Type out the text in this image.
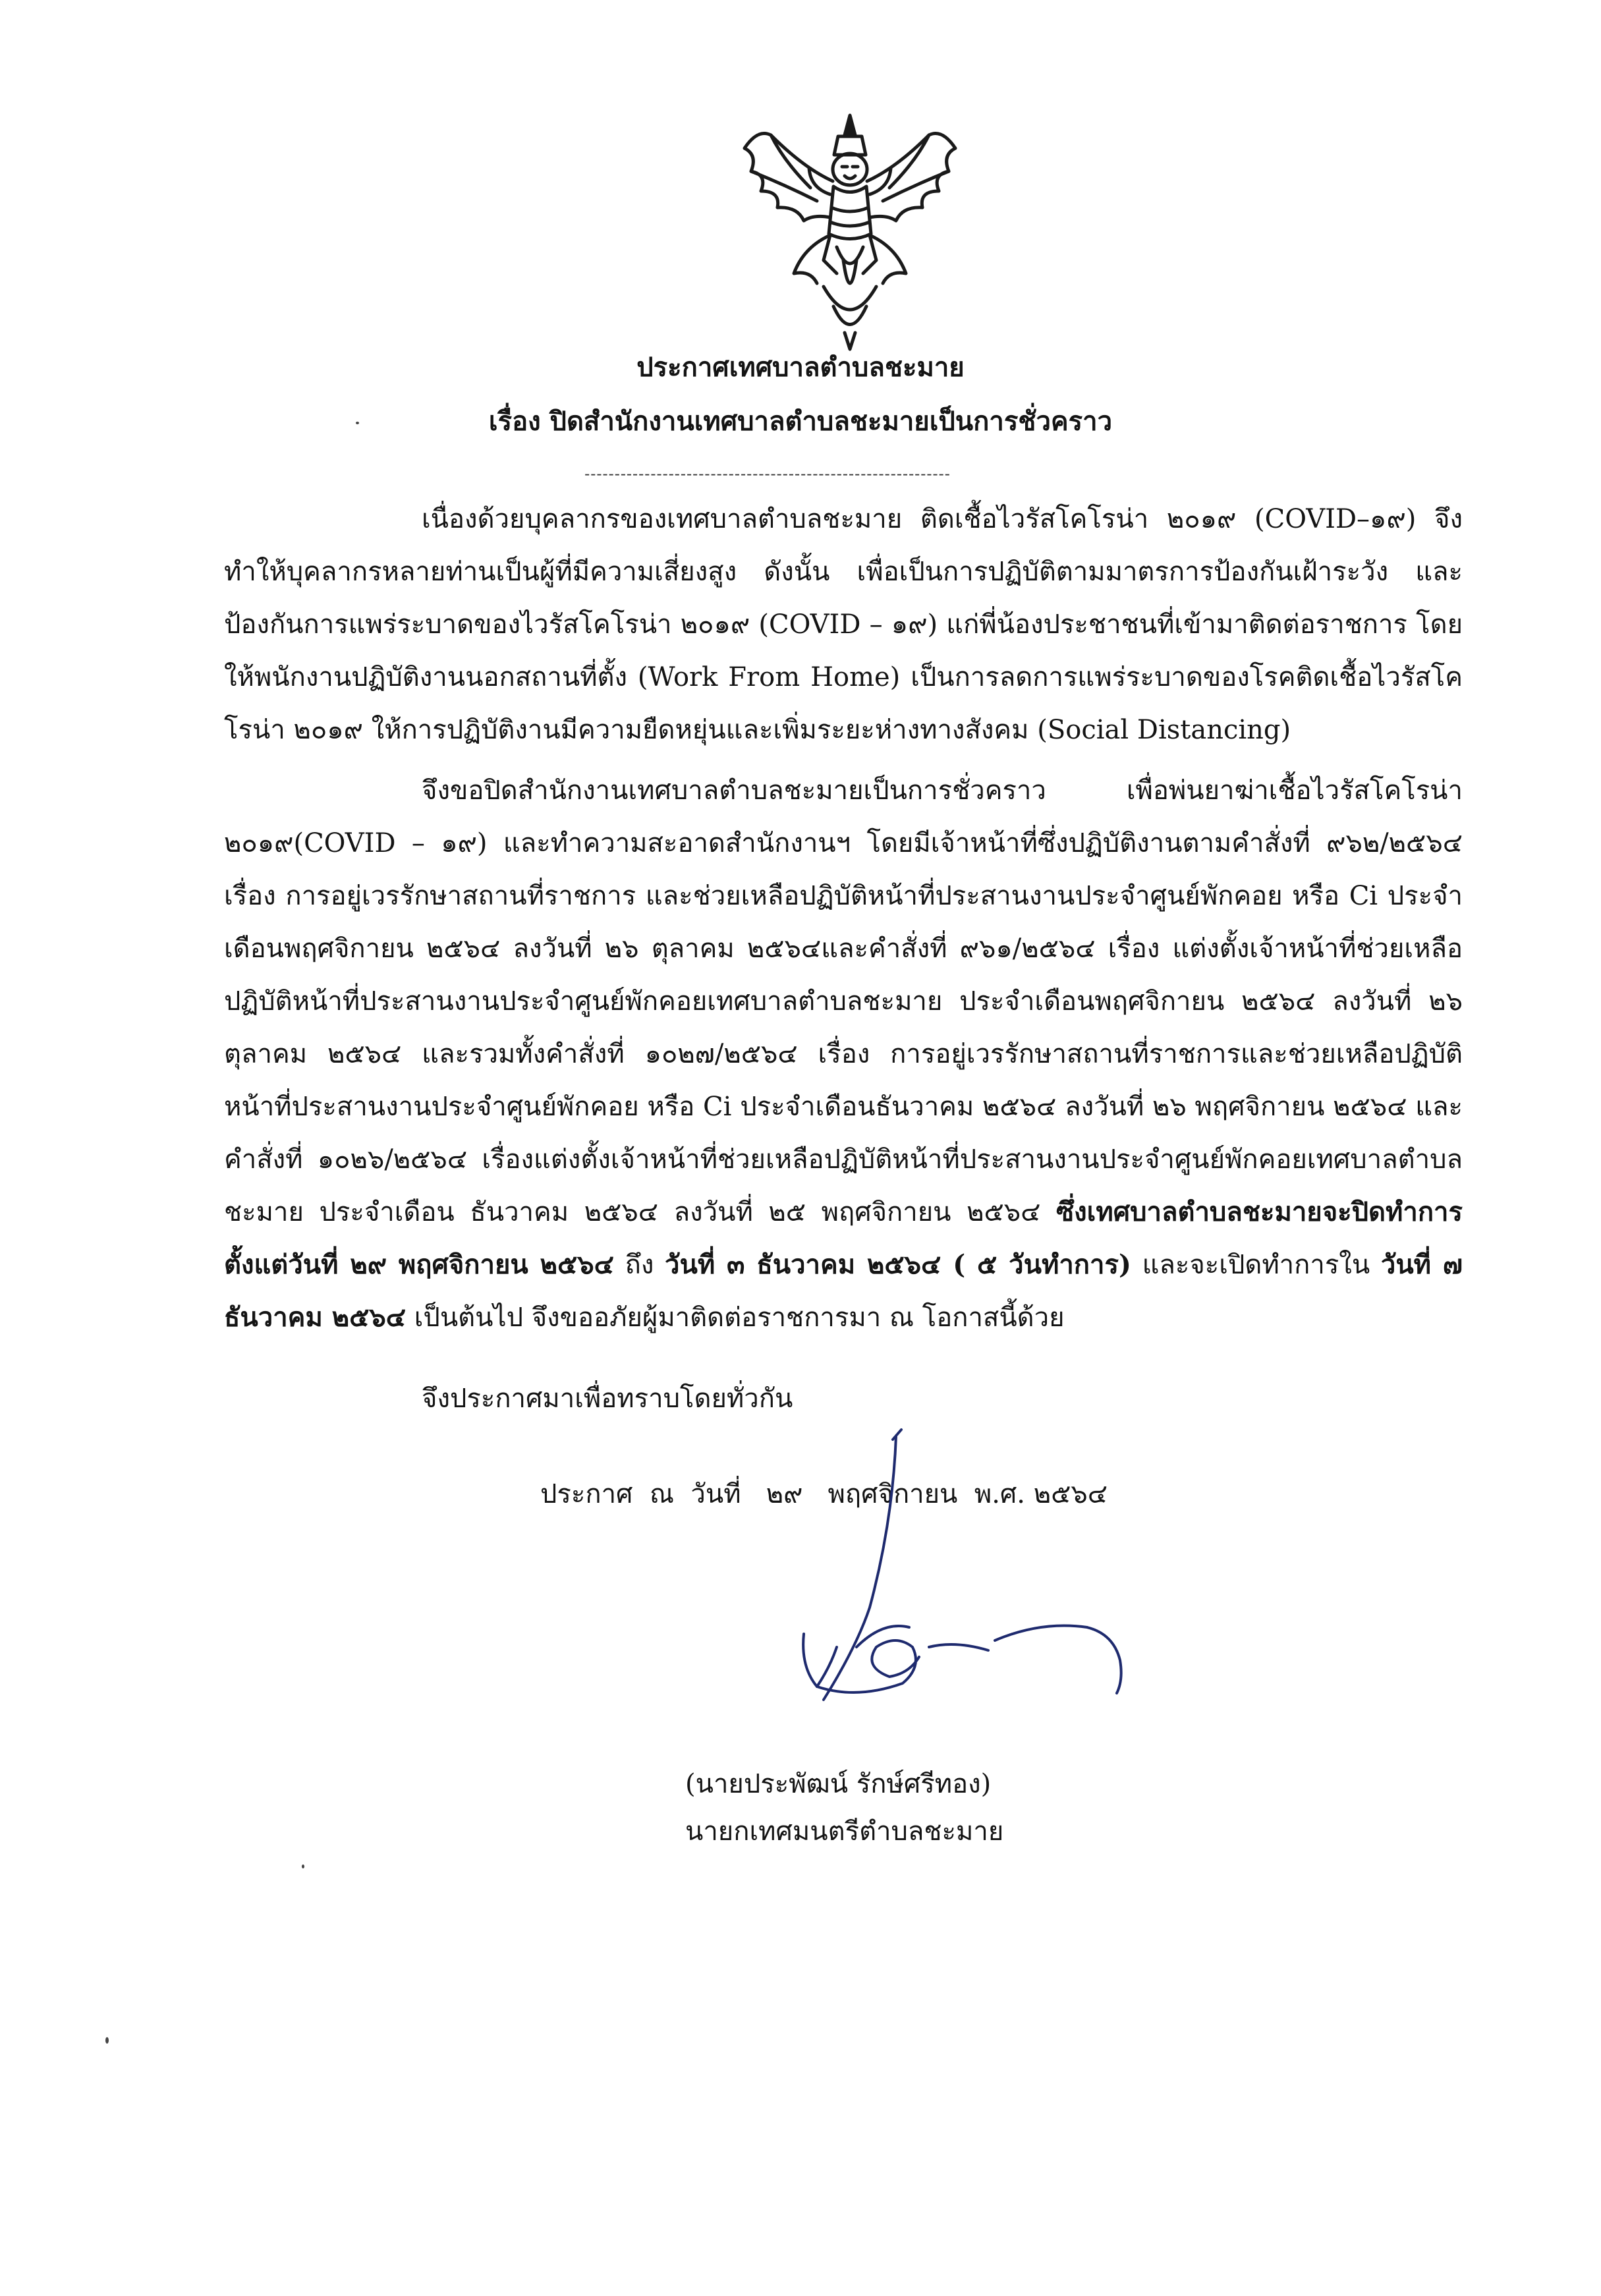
ประกาศเทศบาลตำบลชะมาย
เรื่อง ปิดสำนักงานเทศบาลตำบลชะมายเป็นการชั่วคราว
-------------------------------------------------------------
เนื่องด้วยบุคลากรของเทศบาลตำบลชะมาย ติดเชื้อไวรัสโคโรน่า ๒๐๑๙ (COVID–๑๙) จึงทำให้บุคลากรหลายท่านเป็นผู้ที่มีความเสี่ยงสูง ดังนั้น เพื่อเป็นการปฏิบัติตามมาตรการป้องกันเฝ้าระวัง และป้องกันการแพร่ระบาดของไวรัสโคโรน่า ๒๐๑๙ (COVID – ๑๙) แก่พี่น้องประชาชนที่เข้ามาติดต่อราชการ โดยให้พนักงานปฏิบัติงานนอกสถานที่ตั้ง (Work From Home) เป็นการลดการแพร่ระบาดของโรคติดเชื้อไวรัสโคโรน่า ๒๐๑๙ ให้การปฏิบัติงานมีความยืดหยุ่นและเพิ่มระยะห่างทางสังคม (Social Distancing)
จึงขอปิดสำนักงานเทศบาลตำบลชะมายเป็นการชั่วคราว เพื่อพ่นยาฆ่าเชื้อไวรัสโคโรน่า ๒๐๑๙(COVID – ๑๙) และทำความสะอาดสำนักงานฯ โดยมีเจ้าหน้าที่ซึ่งปฏิบัติงานตามคำสั่งที่ ๙๖๒/๒๕๖๔ เรื่อง การอยู่เวรรักษาสถานที่ราชการ และช่วยเหลือปฏิบัติหน้าที่ประสานงานประจำศูนย์พักคอย หรือ Ci ประจำเดือนพฤศจิกายน ๒๕๖๔ ลงวันที่ ๒๖ ตุลาคม ๒๕๖๔และคำสั่งที่ ๙๖๑/๒๕๖๔ เรื่อง แต่งตั้งเจ้าหน้าที่ช่วยเหลือปฏิบัติหน้าที่ประสานงานประจำศูนย์พักคอยเทศบาลตำบลชะมาย ประจำเดือนพฤศจิกายน ๒๕๖๔ ลงวันที่ ๒๖ ตุลาคม ๒๕๖๔ และรวมทั้งคำสั่งที่ ๑๐๒๗/๒๕๖๔ เรื่อง การอยู่เวรรักษาสถานที่ราชการและช่วยเหลือปฏิบัติหน้าที่ประสานงานประจำศูนย์พักคอย หรือ Ci ประจำเดือนธันวาคม ๒๕๖๔ ลงวันที่ ๒๖ พฤศจิกายน ๒๕๖๔ และคำสั่งที่ ๑๐๒๖/๒๕๖๔ เรื่องแต่งตั้งเจ้าหน้าที่ช่วยเหลือปฏิบัติหน้าที่ประสานงานประจำศูนย์พักคอยเทศบาลตำบลชะมาย ประจำเดือน ธันวาคม ๒๕๖๔ ลงวันที่ ๒๕ พฤศจิกายน ๒๕๖๔ ซึ่งเทศบาลตำบลชะมายจะปิดทำการ ตั้งแต่วันที่ ๒๙ พฤศจิกายน ๒๕๖๔ ถึง วันที่ ๓ ธันวาคม ๒๕๖๔ ( ๕ วันทำการ) และจะเปิดทำการใน วันที่ ๗ ธันวาคม ๒๕๖๔ เป็นต้นไป จึงขออภัยผู้มาติดต่อราชการมา ณ โอกาสนี้ด้วย
จึงประกาศมาเพื่อทราบโดยทั่วกัน
ประกาศ  ณ  วันที่   ๒๙   พฤศจิกายน  พ.ศ. ๒๕๖๔
(นายประพัฒน์ รักษ์ศรีทอง)
นายกเทศมนตรีตำบลชะมาย
